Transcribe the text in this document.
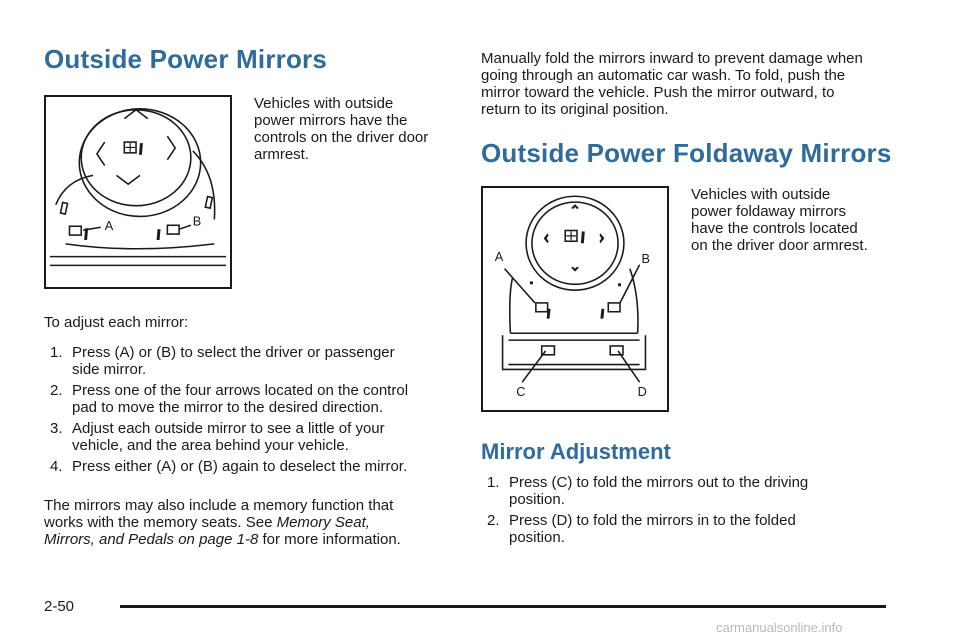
Outside Power Mirrors
A	B
Vehicles with outside
power mirrors have the
controls on the driver door
armrest.

To adjust each mirror:

1. Press (A) or (B) to select the driver or passenger
side mirror.
2. Press one of the four arrows located on the control
pad to move the mirror to the desired direction.
3. Adjust each outside mirror to see a little of your
vehicle, and the area behind your vehicle.
4. Press either (A) or (B) again to deselect the mirror.
The mirrors may also include a memory function that
works with the memory seats. See Memory Seat,
Mirrors, and Pedals on page 1-8 for more information.
Manually fold the mirrors inward to prevent damage when
going through an automatic car wash. To fold, push the
mirror toward the vehicle. Push the mirror outward, to
return to its original position.
Outside Power Foldaway Mirrors
A	B
C	D
Vehicles with outside
power foldaway mirrors
have the controls located
on the driver door armrest.
Mirror Adjustment
1. Press (C) to fold the mirrors out to the driving
position.
2. Press (D) to fold the mirrors in to the folded
position.
2-50
carmanualsonline.info
